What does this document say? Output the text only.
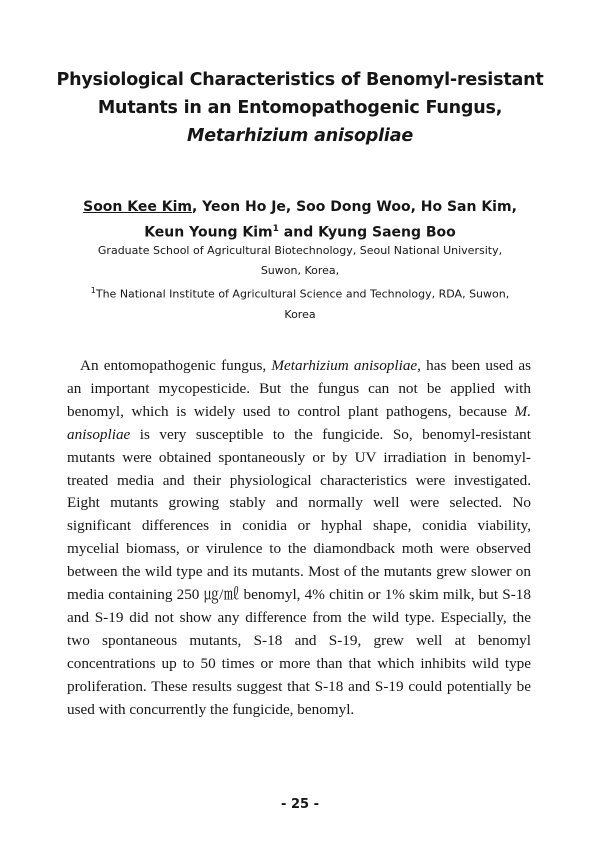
Physiological Characteristics of Benomyl-resistant
Mutants in an Entomopathogenic Fungus,
Metarhizium anisopliae
Soon Kee Kim, Yeon Ho Je, Soo Dong Woo, Ho San Kim,
Keun Young Kim$^1$ and Kyung Saeng Boo
Graduate School of Agricultural Biotechnology, Seoul National University,
Suwon, Korea,
$^1$The National Institute of Agricultural Science and Technology, RDA, Suwon,
Korea

An entomopathogenic fungus, Metarhizium anisopliae, has been used as an important mycopesticide. But the fungus can not be applied with benomyl, which is widely used to control plant pathogens, because M. anisopliae is very susceptible to the fungicide. So, benomyl-resistant mutants were obtained spontaneously or by UV irradiation in benomyl-treated media and their physiological characteristics were investigated. Eight mutants growing stably and normally well were selected. No significant differences in conidia or hyphal shape, conidia viability, mycelial biomass, or virulence to the diamondback moth were observed between the wild type and its mutants. Most of the mutants grew slower on media containing 250 ㎍/㎖ benomyl, 4% chitin or 1% skim milk, but S-18 and S-19 did not show any difference from the wild type. Especially, the two spontaneous mutants, S-18 and S-19, grew well at benomyl concentrations up to 50 times or more than that which inhibits wild type proliferation. These results suggest that S-18 and S-19 could potentially be used with concurrently the fungicide, benomyl.

- 25 -
